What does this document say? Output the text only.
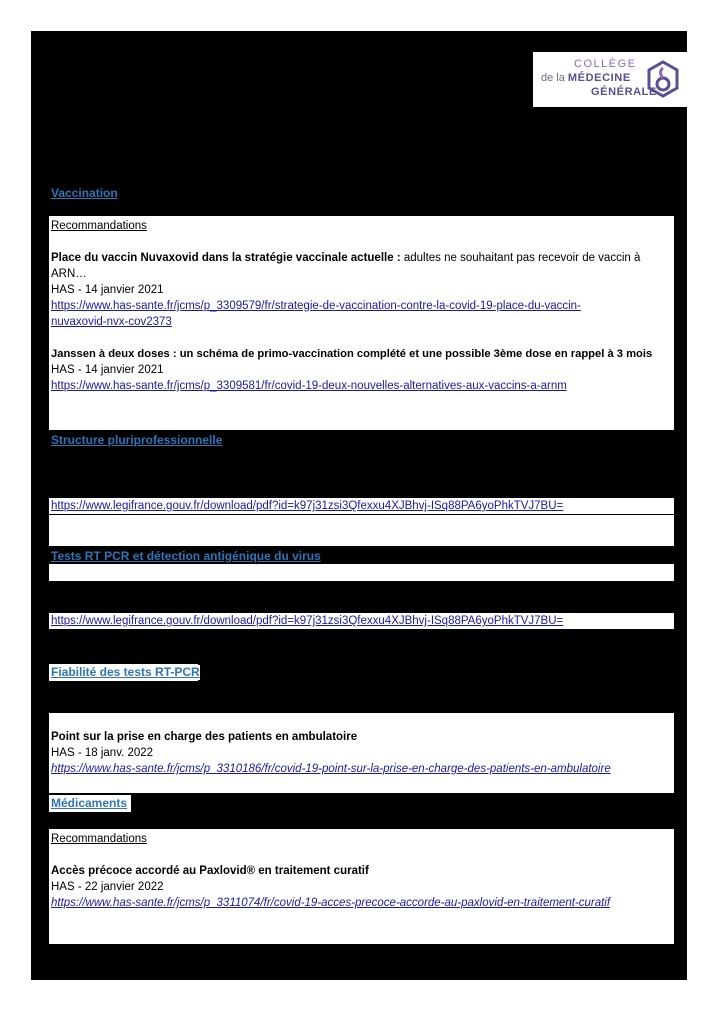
COLLÈGE
de la MÉDECINE
GÉNÉRALE
Vaccination
Recommandations
Place du vaccin Nuvaxovid dans la stratégie vaccinale actuelle : adultes ne souhaitant pas recevoir de vaccin à
ARN…
HAS - 14 janvier 2021
https://www.has-sante.fr/jcms/p_3309579/fr/strategie-de-vaccination-contre-la-covid-19-place-du-vaccin-
nuvaxovid-nvx-cov2373
Janssen à deux doses : un schéma de primo-vaccination complété et une possible 3ème dose en rappel à 3 mois
HAS - 14 janvier 2021
https://www.has-sante.fr/jcms/p_3309581/fr/covid-19-deux-nouvelles-alternatives-aux-vaccins-a-arnm
Structure pluriprofessionnelle
https://www.legifrance.gouv.fr/download/pdf?id=k97j31zsi3Qfexxu4XJBhvj-ISq88PA6yoPhkTVJ7BU=
Tests RT PCR et détection antigénique du virus
https://www.legifrance.gouv.fr/download/pdf?id=k97j31zsi3Qfexxu4XJBhvj-ISq88PA6yoPhkTVJ7BU=
Fiabilité des tests RT-PCR
Point sur la prise en charge des patients en ambulatoire
HAS - 18 janv. 2022
https://www.has-sante.fr/jcms/p_3310186/fr/covid-19-point-sur-la-prise-en-charge-des-patients-en-ambulatoire
Médicaments
Recommandations
Accès précoce accordé au Paxlovid® en traitement curatif
HAS - 22 janvier 2022
https://www.has-sante.fr/jcms/p_3311074/fr/covid-19-acces-precoce-accorde-au-paxlovid-en-traitement-curatif
